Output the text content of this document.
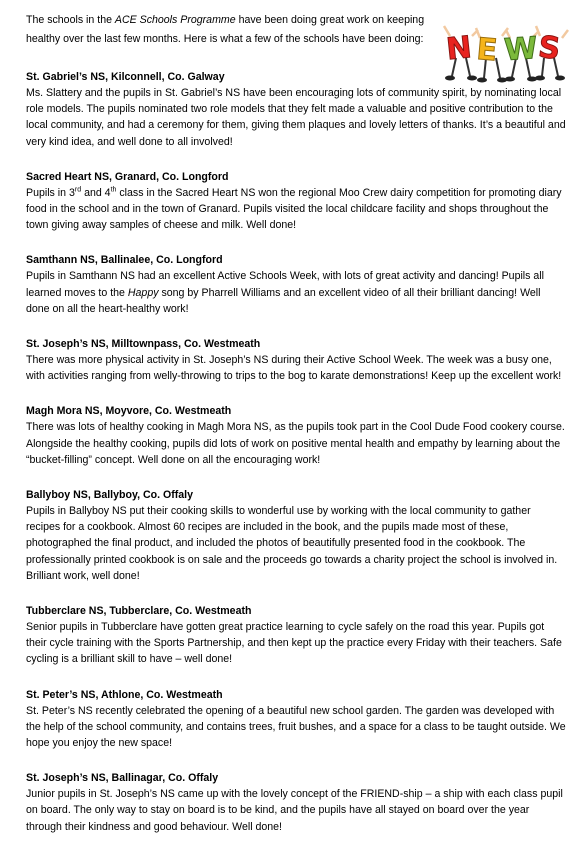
The schools in the ACE Schools Programme have been doing great work on keeping
healthy over the last few months. Here is what a few of the schools have been doing: N E W
S

St. Gabriel’s NS, Kilconnell, Co. Galway

Ms. Slattery and the pupils in St. Gabriel’s NS have been encouraging lots of community spirit, by nominating local role models. The pupils nominated two role models that they felt made a valuable and positive contribution to the local community, and had a ceremony for them, giving them plaques and lovely letters of thanks. It’s a beautiful and very kind idea, and well done to all involved!

Sacred Heart NS, Granard, Co. Longford

Pupils in 3rd and 4th class in the Sacred Heart NS won the regional Moo Crew dairy competition for promoting diary food in the school and in the town of Granard. Pupils visited the local childcare facility and shops throughout the town giving away samples of cheese and milk. Well done!

Samthann NS, Ballinalee, Co. Longford

Pupils in Samthann NS had an excellent Active Schools Week, with lots of great activity and dancing! Pupils all learned moves to the Happy song by Pharrell Williams and an excellent video of all their brilliant dancing! Well done on all the heart-healthy work!

St. Joseph’s NS, Milltownpass, Co. Westmeath

There was more physical activity in St. Joseph’s NS during their Active School Week. The week was a busy one, with activities ranging from welly-throwing to trips to the bog to karate demonstrations! Keep up the excellent work!

Magh Mora NS, Moyvore, Co. Westmeath

There was lots of healthy cooking in Magh Mora NS, as the pupils took part in the Cool Dude Food cookery course. Alongside the healthy cooking, pupils did lots of work on positive mental health and empathy by learning about the “bucket-filling” concept. Well done on all the encouraging work!

Ballyboy NS, Ballyboy, Co. Offaly

Pupils in Ballyboy NS put their cooking skills to wonderful use by working with the local community to gather recipes for a cookbook. Almost 60 recipes are included in the book, and the pupils made most of these, photographed the final product, and included the photos of beautifully presented food in the cookbook. The professionally printed cookbook is on sale and the proceeds go towards a charity project the school is involved in. Brilliant work, well done!

Tubberclare NS, Tubberclare, Co. Westmeath

Senior pupils in Tubberclare have gotten great practice learning to cycle safely on the road this year. Pupils got their cycle training with the Sports Partnership, and then kept up the practice every Friday with their teachers. Safe cycling is a brilliant skill to have – well done!

St. Peter’s NS, Athlone, Co. Westmeath

St. Peter’s NS recently celebrated the opening of a beautiful new school garden. The garden was developed with the help of the school community, and contains trees, fruit bushes, and a space for a class to be taught outside. We hope you enjoy the new space!

St. Joseph’s NS, Ballinagar, Co. Offaly

Junior pupils in St. Joseph’s NS came up with the lovely concept of the FRIEND-ship – a ship with each class pupil on board. The only way to stay on board is to be kind, and the pupils have all stayed on board over the year through their kindness and good behaviour. Well done!
